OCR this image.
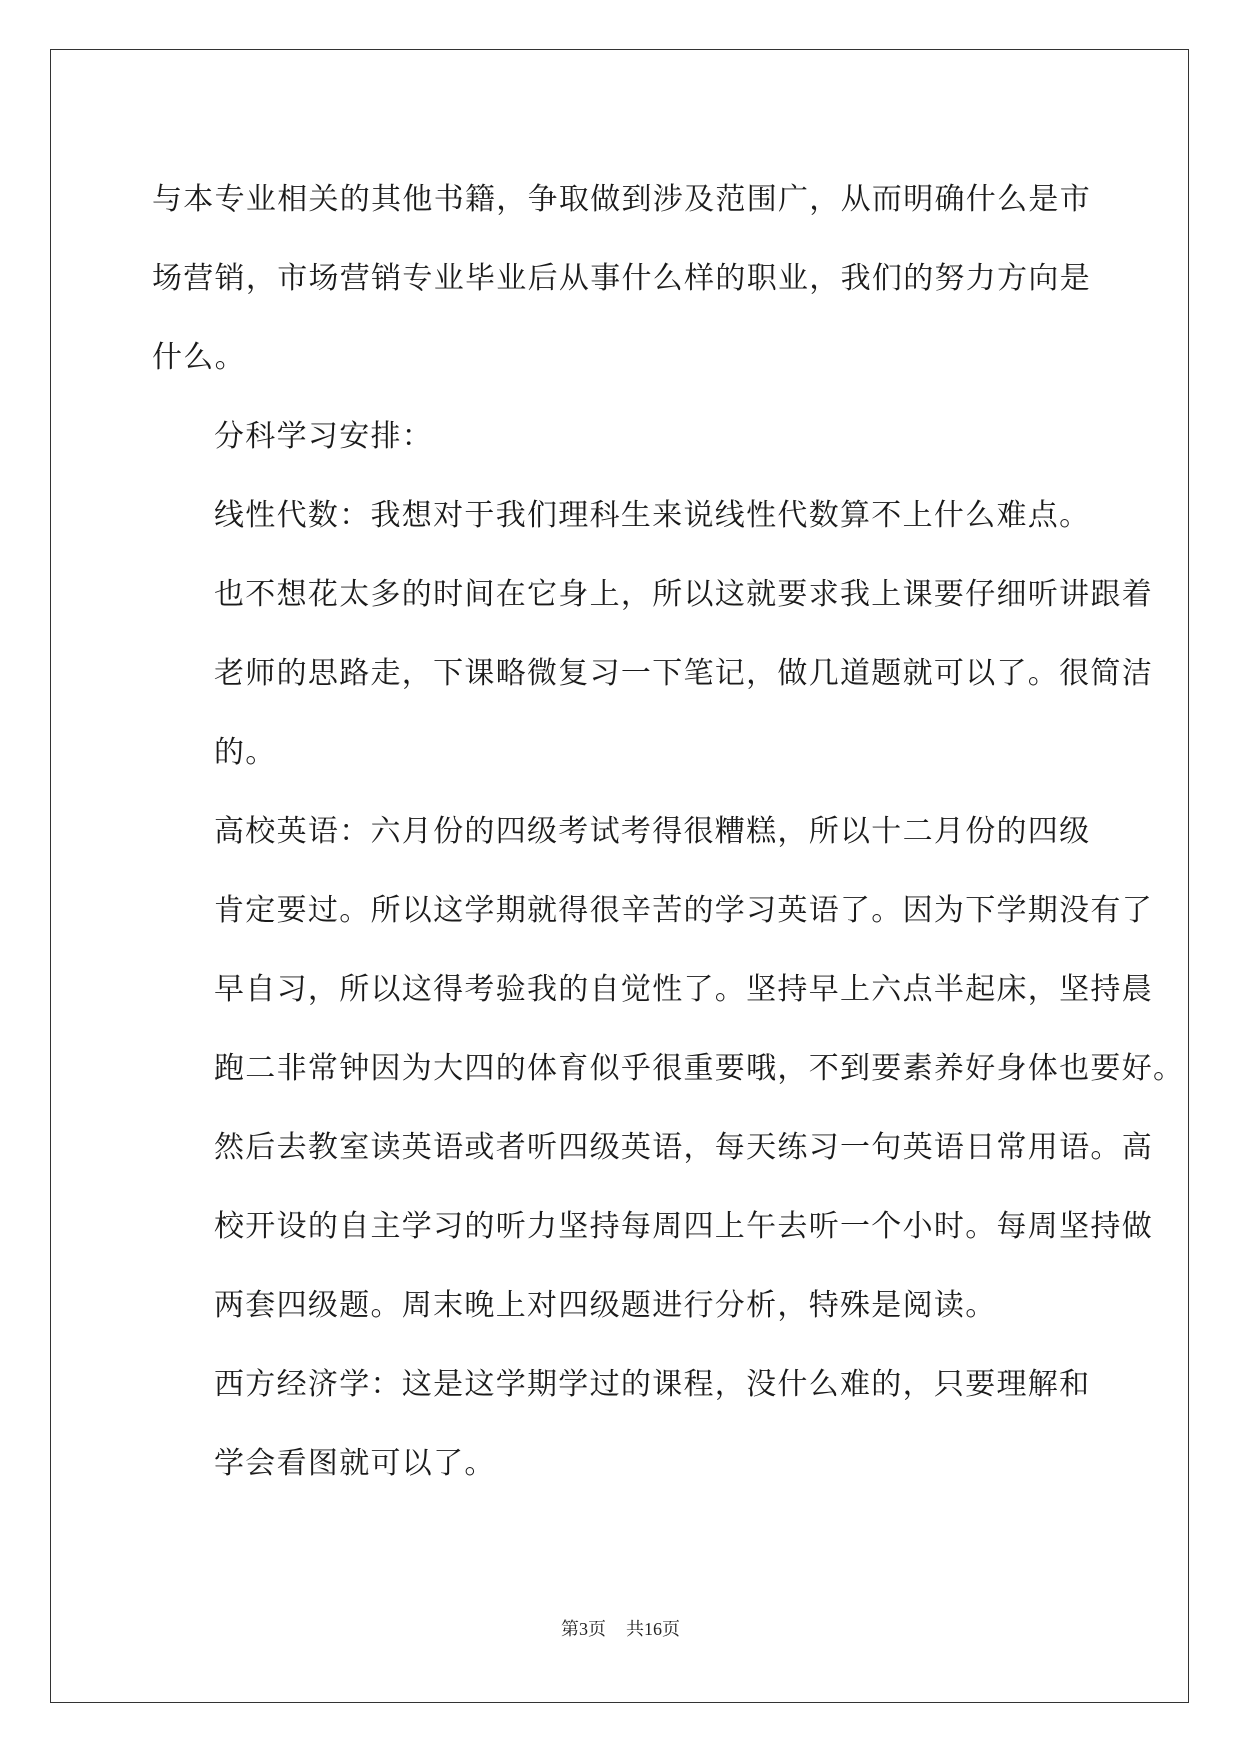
与本专业相关的其他书籍，争取做到涉及范围广，从而明确什么是市
场营销，市场营销专业毕业后从事什么样的职业，我们的努力方向是
什么。

分科学习安排：

线性代数：我想对于我们理科生来说线性代数算不上什么难点。
也不想花太多的时间在它身上，所以这就要求我上课要仔细听讲跟着
老师的思路走，下课略微复习一下笔记，做几道题就可以了。很简洁
的。

高校英语：六月份的四级考试考得很糟糕，所以十二月份的四级
肯定要过。所以这学期就得很辛苦的学习英语了。因为下学期没有了
早自习，所以这得考验我的自觉性了。坚持早上六点半起床，坚持晨
跑二非常钟因为大四的体育似乎很重要哦，不到要素养好身体也要好。
然后去教室读英语或者听四级英语，每天练习一句英语日常用语。高
校开设的自主学习的听力坚持每周四上午去听一个小时。每周坚持做
两套四级题。周末晚上对四级题进行分析，特殊是阅读。

西方经济学：这是这学期学过的课程，没什么难的，只要理解和
学会看图就可以了。

第3页 共16页
